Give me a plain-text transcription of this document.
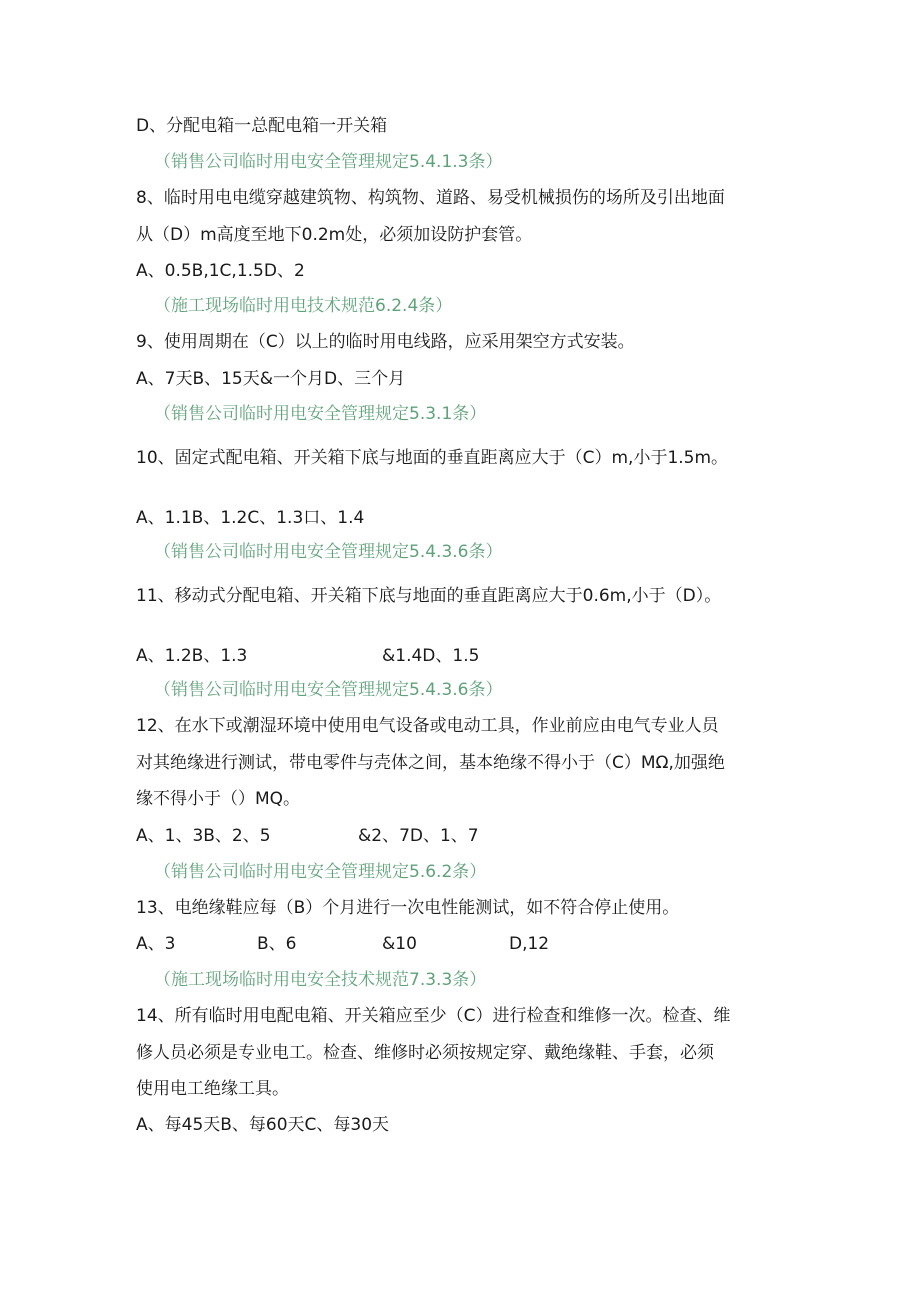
D、分配电箱一总配电箱一开关箱
（销售公司临时用电安全管理规定5.4.1.3条）
8、临时用电电缆穿越建筑物、构筑物、道路、易受机械损伤的场所及引出地面
从（D）m高度至地下0.2m处，必须加设防护套管。
A、0.5B,1C,1.5D、2
（施工现场临时用电技术规范6.2.4条）
9、使用周期在（C）以上的临时用电线路，应采用架空方式安装。
A、7天B、15天&一个月D、三个月
（销售公司临时用电安全管理规定5.3.1条）
10、固定式配电箱、开关箱下底与地面的垂直距离应大于（C）m,小于1.5m。
A、1.1B、1.2C、1.3口、1.4
（销售公司临时用电安全管理规定5.4.3.6条）
11、移动式分配电箱、开关箱下底与地面的垂直距离应大于0.6m,小于（D）。
A、1.2B、1.3	&1.4D、1.5
（销售公司临时用电安全管理规定5.4.3.6条）
12、在水下或潮湿环境中使用电气设备或电动工具，作业前应由电气专业人员
对其绝缘进行测试，带电零件与壳体之间，基本绝缘不得小于（C）MΩ,加强绝
缘不得小于（）MQ。
A、1、3B、2、5	&2、7D、1、7
（销售公司临时用电安全管理规定5.6.2条）
13、电绝缘鞋应每（B）个月进行一次电性能测试，如不符合停止使用。
A、3	B、6	&10	D,12
（施工现场临时用电安全技术规范7.3.3条）
14、所有临时用电配电箱、开关箱应至少（C）进行检查和维修一次。检查、维
修人员必须是专业电工。检查、维修时必须按规定穿、戴绝缘鞋、手套，必须
使用电工绝缘工具。
A、每45天B、每60天C、每30天
